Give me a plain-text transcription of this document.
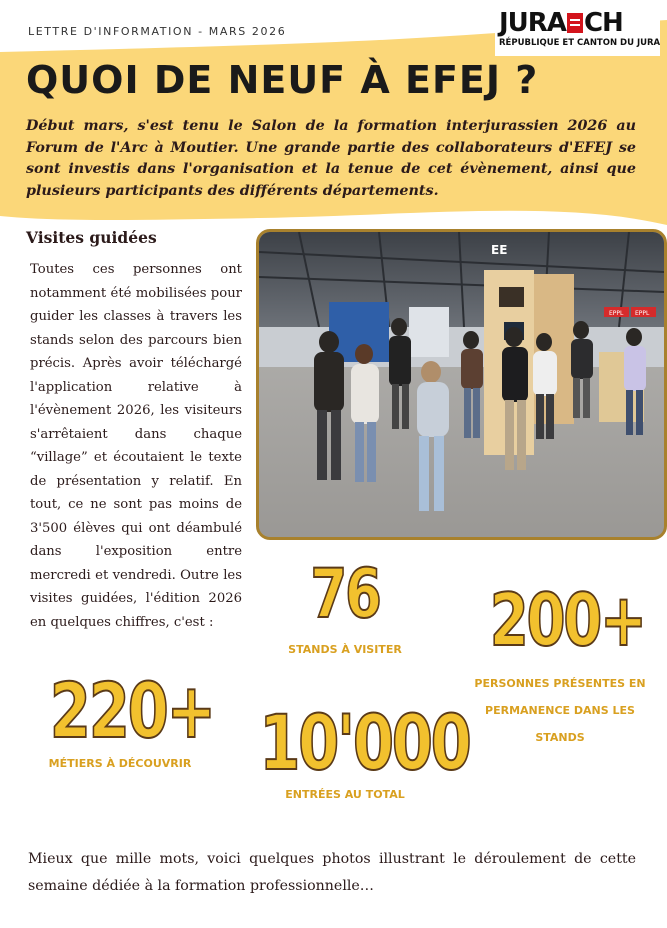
LETTRE D'INFORMATION - MARS 2026	JURA CH
RÉPUBLIQUE ET CANTON DU JURA
QUOI DE NEUF À EFEJ ?

Début mars, s'est tenu le Salon de la formation interjurassien 2026 au Forum de l'Arc à Moutier. Une grande partie des collaborateurs d'EFEJ se sont investis dans l'organisation et la tenue de cet évènement, ainsi que plusieurs participants des différents départements.

Visites guidées

Toutes ces personnes ont notamment été mobilisées pour guider les classes à travers les stands selon des parcours bien précis. Après avoir téléchargé l'application relative à l'évènement 2026, les visiteurs s'arrêtaient dans chaque “village” et écoutaient le texte de présentation y relatif. En tout, ce ne sont pas moins de 3'500 élèves qui ont déambulé dans l'exposition entre mercredi et vendredi. Outre les visites guidées, l'édition 2026 en quelques chiffres, c'est :

EPPL EPPL
EE
76
STANDS À VISITER 200+
PERSONNES PRÉSENTES EN
PERMANENCE DANS LES
STANDS
220+
MÉTIERS À DÉCOUVRIR 10'000
ENTRÉES AU TOTAL

Mieux que mille mots, voici quelques photos illustrant le déroulement de cette semaine dédiée à la formation professionnelle…
